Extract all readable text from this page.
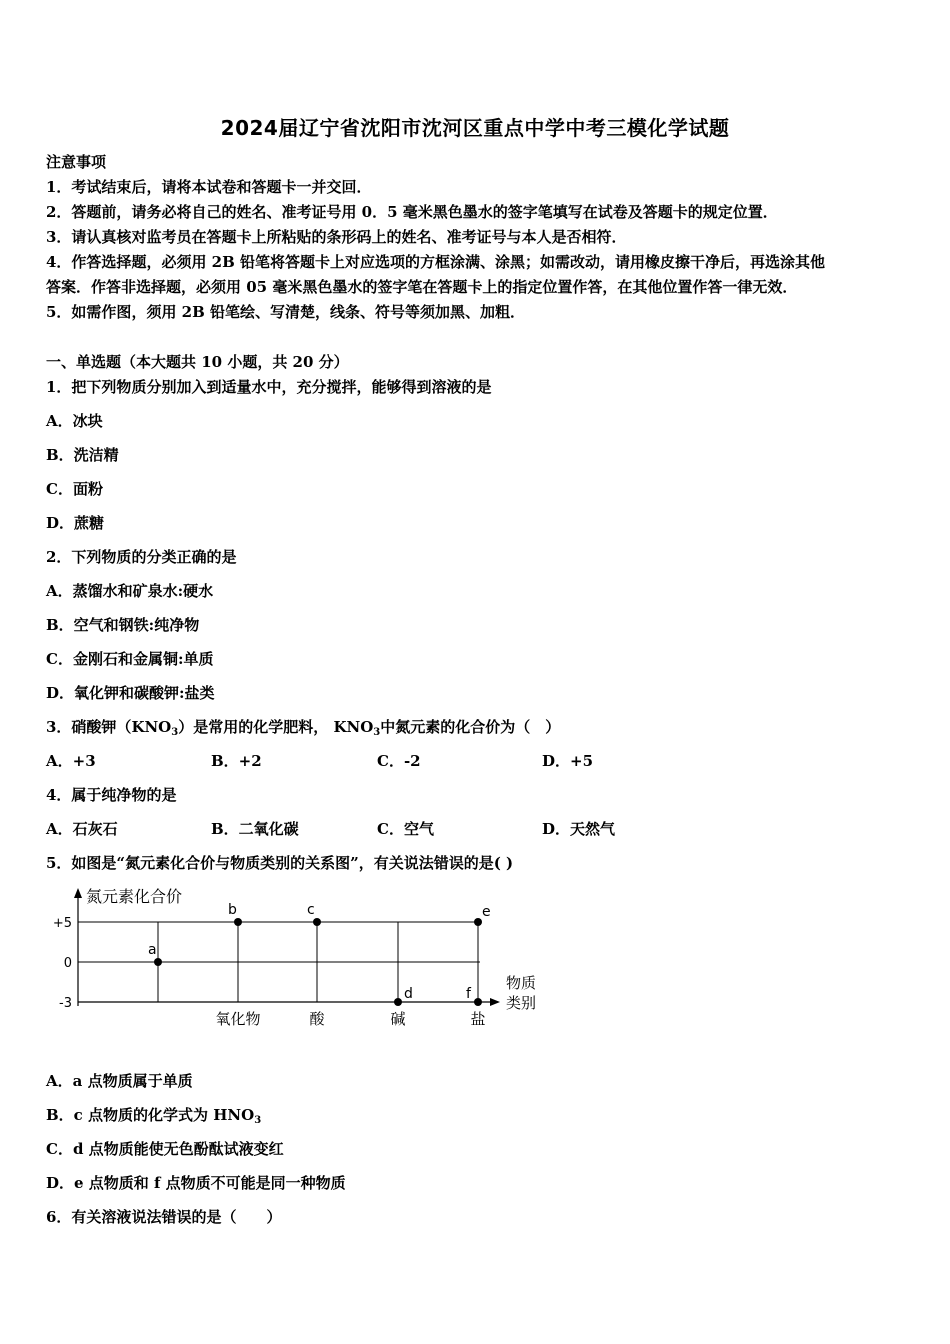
2024届辽宁省沈阳市沈河区重点中学中考三模化学试题
注意事项
1．考试结束后，请将本试卷和答题卡一并交回．
2．答题前，请务必将自己的姓名、准考证号用 0．5 毫米黑色墨水的签字笔填写在试卷及答题卡的规定位置．
3．请认真核对监考员在答题卡上所粘贴的条形码上的姓名、准考证号与本人是否相符．
4．作答选择题，必须用 2B 铅笔将答题卡上对应选项的方框涂满、涂黑；如需改动，请用橡皮擦干净后，再选涂其他
答案．作答非选择题，必须用 05 毫米黑色墨水的签字笔在答题卡上的指定位置作答，在其他位置作答一律无效．
5．如需作图，须用 2B 铅笔绘、写清楚，线条、符号等须加黑、加粗．
一、单选题（本大题共 10 小题，共 20 分）
1．把下列物质分别加入到适量水中，充分搅拌，能够得到溶液的是
A．冰块
B．洗洁精
C．面粉
D．蔗糖
2．下列物质的分类正确的是
A．蒸馏水和矿泉水:硬水
B．空气和钢铁:纯净物
C．金刚石和金属铜:单质
D．氧化钾和碳酸钾:盐类
3．硝酸钾$(KNO_3)$是常用的化学肥料， $KNO_3$中氮元素的化合价为（　）
A．+3	B．+2	C．-2	D．+5
4．属于纯净物的是
A．石灰石	B．二氧化碳	C．空气	D．天然气
5．如图是“氮元素化合价与物质类别的关系图”，有关说法错误的是( )
+5
0
-3
氮元素化合价
物质
类别
氧化物	酸	碱	盐
a
b	c
d
e
f
A．a 点物质属于单质
B．c 点物质的化学式为 $HNO_3$
C．d 点物质能使无色酚酞试液变红
D．e 点物质和 f 点物质不可能是同一种物质
6．有关溶液说法错误的是（　　）
